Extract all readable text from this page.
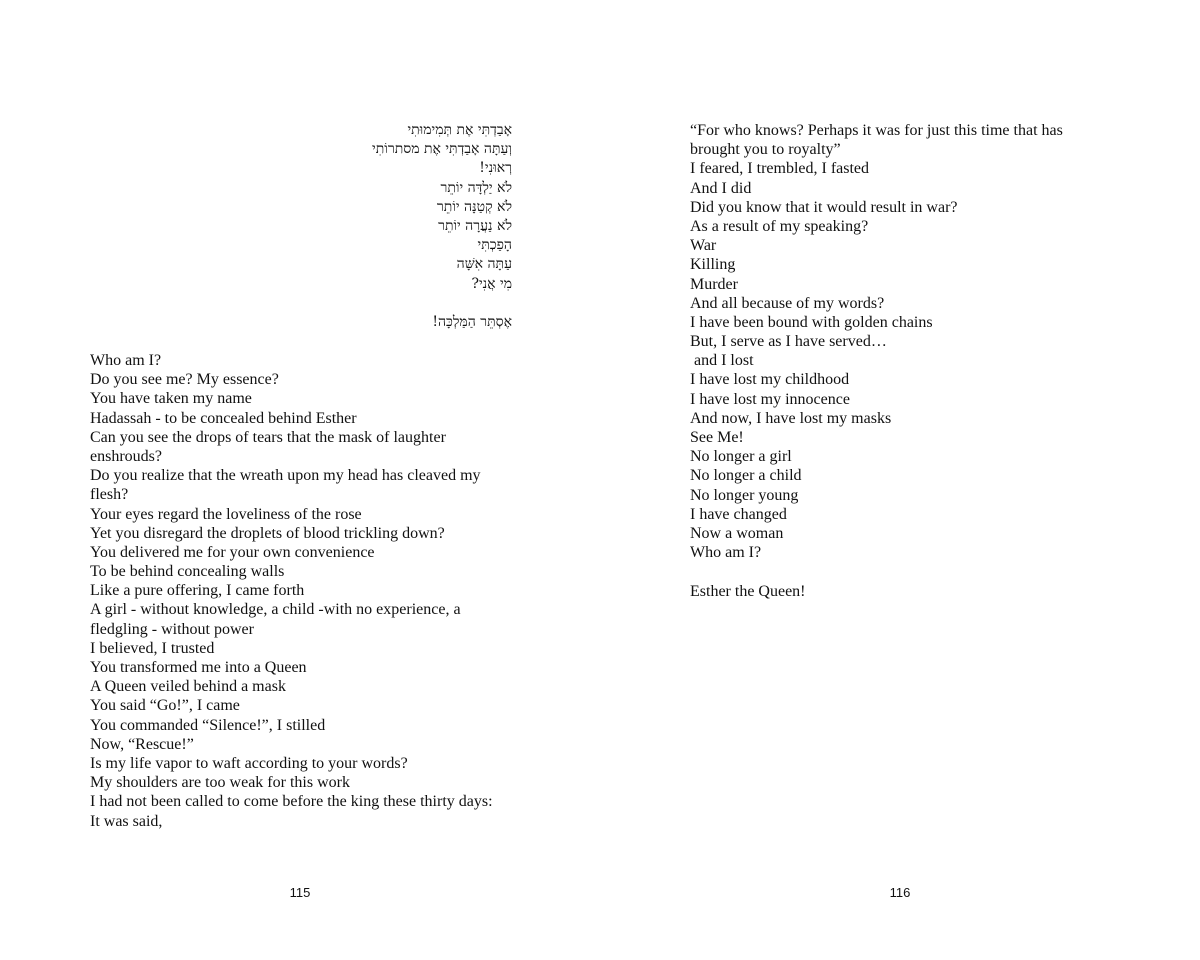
אָבַדְתִּי אֶת תְּמִימוּתִי
וְעַתָּה אָבַדְתִּי אֶת מסתרוֹתִי
רְאוּנִי!
לֹא יַלְדָּה יוֹתֵר
לֹא קְטַנָּה יוֹתֵר
לֹא נַעֲרָה יוֹתֵר
הָפַכְתִּי
עַתָּה אִשָּׁה
מִי אֲנִי?
אֶסְתֵּר הַמַּלְכָּה!
Who am I?
Do you see me? My essence?
You have taken my name
Hadassah - to be concealed behind Esther
Can you see the drops of tears that the mask of laughter
enshrouds?
Do you realize that the wreath upon my head has cleaved my
flesh?
Your eyes regard the loveliness of the rose
Yet you disregard the droplets of blood trickling down?
You delivered me for your own convenience
To be behind concealing walls
Like a pure offering, I came forth
A girl - without knowledge, a child -with no experience, a
fledgling - without power
I believed, I trusted
You transformed me into a Queen
A Queen veiled behind a mask
You said “Go!”, I came
You commanded “Silence!”, I stilled
Now, “Rescue!”
Is my life vapor to waft according to your words?
My shoulders are too weak for this work
I had not been called to come before the king these thirty days:
It was said,
115
“For who knows? Perhaps it was for just this time that has
brought you to royalty”
I feared, I trembled, I fasted
And I did
Did you know that it would result in war?
As a result of my speaking?
War
Killing
Murder
And all because of my words?
I have been bound with golden chains
But, I serve as I have served…
and I lost
I have lost my childhood
I have lost my innocence
And now, I have lost my masks
See Me!
No longer a girl
No longer a child
No longer young
I have changed
Now a woman
Who am I?
Esther the Queen!
116
